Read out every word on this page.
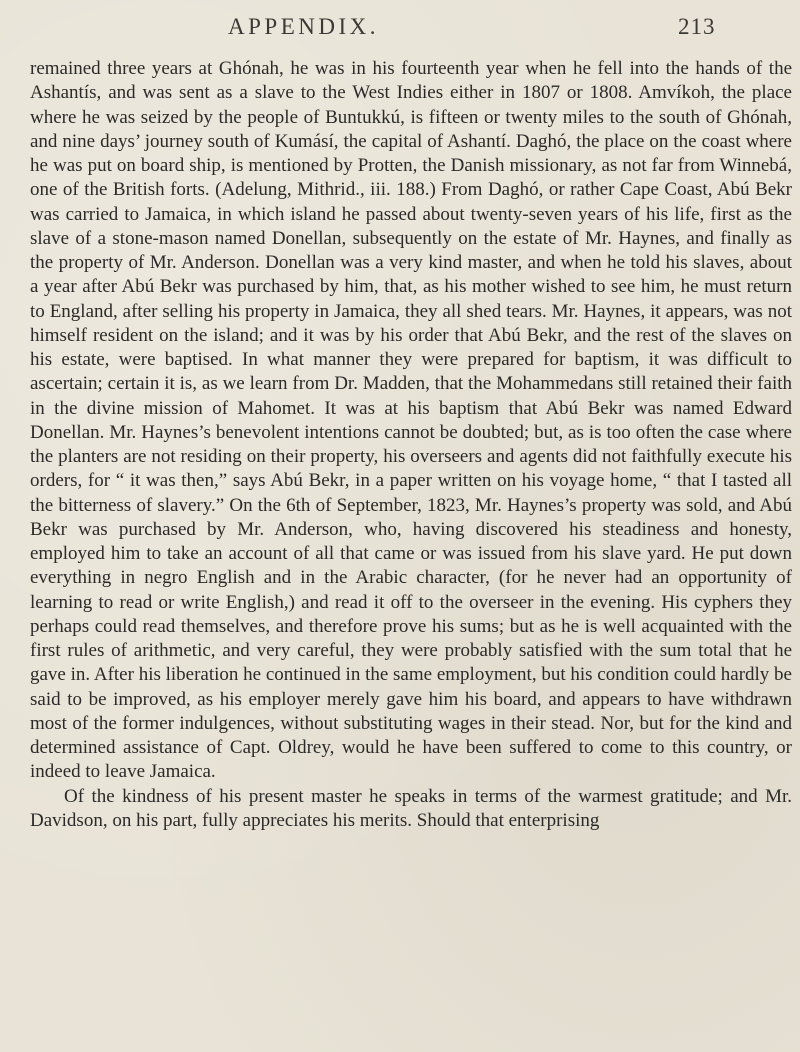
APPENDIX.	213

remained three years at Ghónah, he was in his fourteenth year when he fell into the hands of the Ashantís, and was sent as a slave to the West Indies either in 1807 or 1808. Amvíkoh, the place where he was seized by the people of Buntukkú, is fifteen or twenty miles to the south of Ghónah, and nine days’ journey south of Kumásí, the capital of Ashantí. Daghó, the place on the coast where he was put on board ship, is mentioned by Protten, the Danish missionary, as not far from Winnebá, one of the British forts. (Adelung, Mithrid., iii. 188.) From Daghó, or rather Cape Coast, Abú Bekr was carried to Jamaica, in which island he passed about twenty-seven years of his life, first as the slave of a stone-mason named Donellan, subsequently on the estate of Mr. Haynes, and finally as the property of Mr. Anderson. Donellan was a very kind master, and when he told his slaves, about a year after Abú Bekr was purchased by him, that, as his mother wished to see him, he must return to England, after selling his property in Jamaica, they all shed tears. Mr. Haynes, it appears, was not himself resident on the island; and it was by his order that Abú Bekr, and the rest of the slaves on his estate, were baptised. In what manner they were prepared for baptism, it was difficult to ascertain; certain it is, as we learn from Dr. Madden, that the Mohammedans still retained their faith in the divine mission of Mahomet. It was at his baptism that Abú Bekr was named Edward Donellan. Mr. Haynes’s benevolent intentions cannot be doubted; but, as is too often the case where the planters are not residing on their property, his overseers and agents did not faithfully execute his orders, for “ it was then,” says Abú Bekr, in a paper written on his voyage home, “ that I tasted all the bitterness of slavery.” On the 6th of September, 1823, Mr. Haynes’s property was sold, and Abú Bekr was purchased by Mr. Anderson, who, having discovered his steadiness and honesty, employed him to take an account of all that came or was issued from his slave yard. He put down everything in negro English and in the Arabic character, (for he never had an opportunity of learning to read or write English,) and read it off to the overseer in the evening. His cyphers they perhaps could read themselves, and therefore prove his sums; but as he is well acquainted with the first rules of arithmetic, and very careful, they were probably satisfied with the sum total that he gave in. After his liberation he continued in the same employment, but his condition could hardly be said to be improved, as his employer merely gave him his board, and appears to have withdrawn most of the former indulgences, without substituting wages in their stead. Nor, but for the kind and determined assistance of Capt. Oldrey, would he have been suffered to come to this country, or indeed to leave Jamaica.

Of the kindness of his present master he speaks in terms of the warmest gratitude; and Mr. Davidson, on his part, fully appreciates his merits. Should that enterprising
